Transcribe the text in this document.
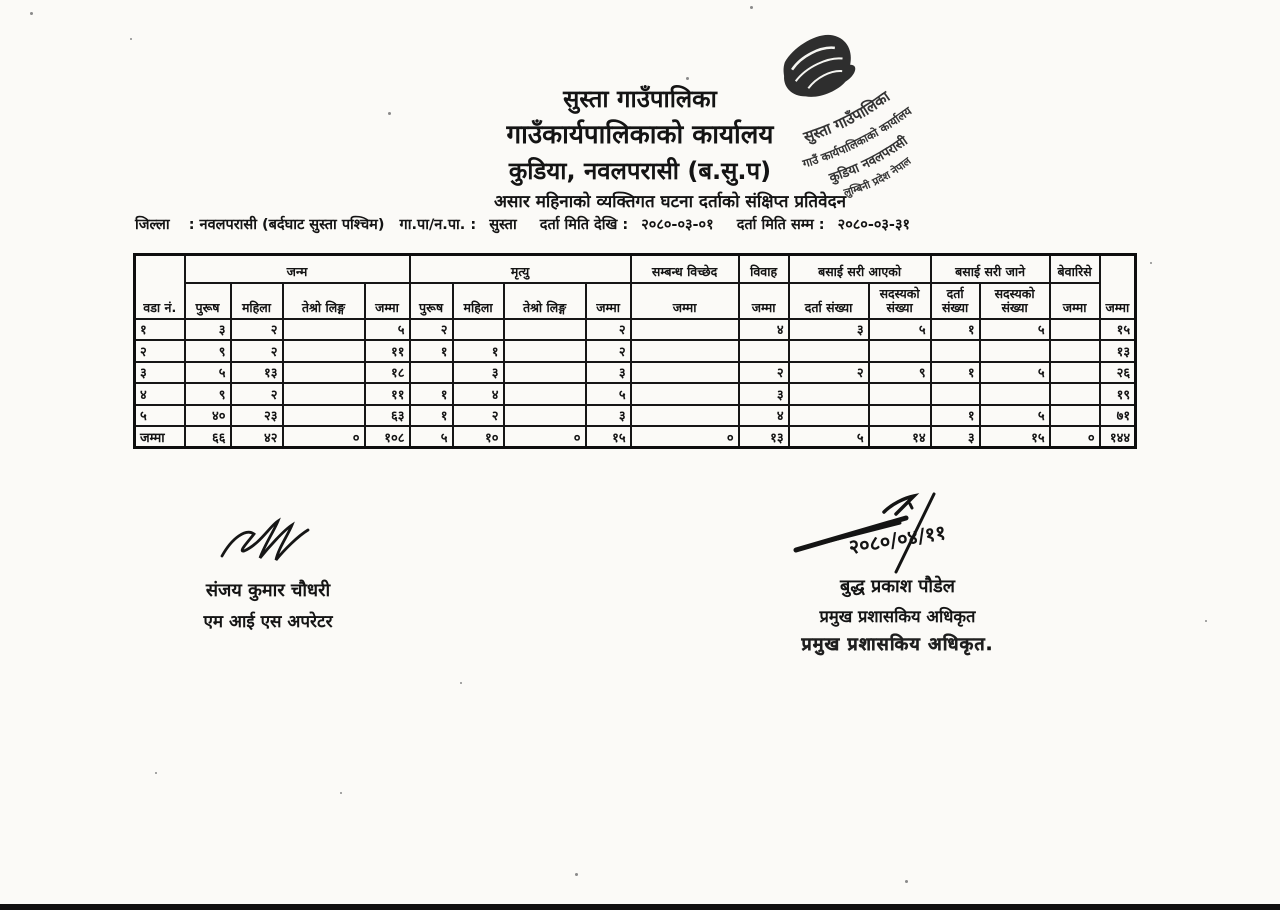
सुस्ता गाउँपालिका
गाउँकार्यपालिकाको कार्यालय
कुडिया, नवलपरासी (ब.सु.प)
असार महिनाको व्यक्तिगत घटना दर्ताको संक्षिप्त प्रतिवेदन
सुस्ता गाउँपालिका
गाउँ कार्यपालिकाको कार्यालय
कुडिया नवलपरासी
लुम्बिनी प्रदेश नेपाल
जिल्ला : नवलपरासी (बर्दघाट सुस्ता पश्चिम) गा.पा/न.पा. : सुस्ता दर्ता मिति देखि : २०८०-०३-०१ दर्ता मिति सम्म : २०८०-०३-३१
वडा नं.	जन्म				मृत्यु				सम्बन्ध विच्छेद	विवाह	बसाई सरी आएको		बसाई सरी जाने		बेवारिसे	जम्मा
	पुरूष	महिला	तेश्रो लिङ्ग	जम्मा	पुरूष	महिला	तेश्रो लिङ्ग	जम्मा	जम्मा	जम्मा	दर्ता संख्या	सदस्यको संख्या	दर्ता संख्या	सदस्यको संख्या	जम्मा	
१	३	२		५	२			२		४	३	५	१	५		१५
२	९	२		११	१	१		२								१३
३	५	१३		१८		३		३		२	२	९	१	५		२६
४	९	२		११	१	४		५		३						१९
५	४०	२३		६३	१	२		३		४			१	५		७१
जम्मा	६६	४२	०	१०८	५	१०	०	१५	०	१३	५	१४	३	१५	०	१४४
संजय कुमार चौधरी
एम आई एस अपरेटर
२०८०/०४/११
बुद्ध प्रकाश पौडेल
प्रमुख प्रशासकिय अधिकृत
प्रमुख प्रशासकिय अधिकृत.
